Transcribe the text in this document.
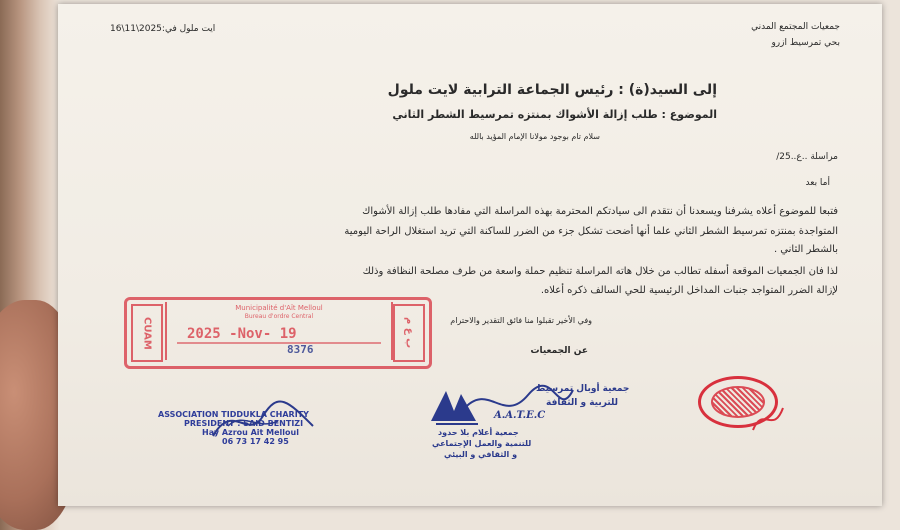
جمعيات المجتمع المدني
بحي تمرسيط ازرو
ايت ملول في:2025\11\16
إلى السيد(ة) : رئيس الجماعة الترابية لايت ملول
الموضوع : طلب إزالة الأشواك بمنتزه تمرسيط الشطر الثاني
سلام تام بوجود مولانا الإمام المؤيد بالله
مراسلة ..ﻉ..25/
أما بعد
فتبعا للموضوع أعلاه يشرفنا ويسعدنا أن نتقدم الى سيادتكم المحترمة بهذه المراسلة التي مفادها طلب إزالة الأشواك
المتواجدة بمنتزه تمرسيط الشطر الثاني علما أنها أضحت تشكل جزء من الضرر للساكنة التي تريد استغلال الراحة اليومية
بالشطر الثاني .
لذا فان الجمعيات الموقعة أسفله تطالب من خلال هاته المراسلة تنظيم حملة واسعة من طرف مصلحة النظافة وذلك
لإزالة الضرر المتواجد جنبات المداخل الرئيسية للحي السالف ذكره أعلاه.
وفي الأخير تقبلوا منا فائق التقدير والاحترام
عن الجمعيات
CUAM
Municipalité d'Aït Melloul
Bureau d'ordre Central
2025 -Nov- 19
8376
ب ع م
ASSOCIATION TIDDUKLA CHARITY
PRESIDENT : SAID BENTIZI
Hay Azrou Ait Melloul
06 73 17 42 95
جمعية أوبال تمرسيط
للتربية و الثقافة
A.A.T.E.C
جمعية أعلام بلا حدود
للتنمية والعمل الإجتماعي
و الثقافي و البيئي
